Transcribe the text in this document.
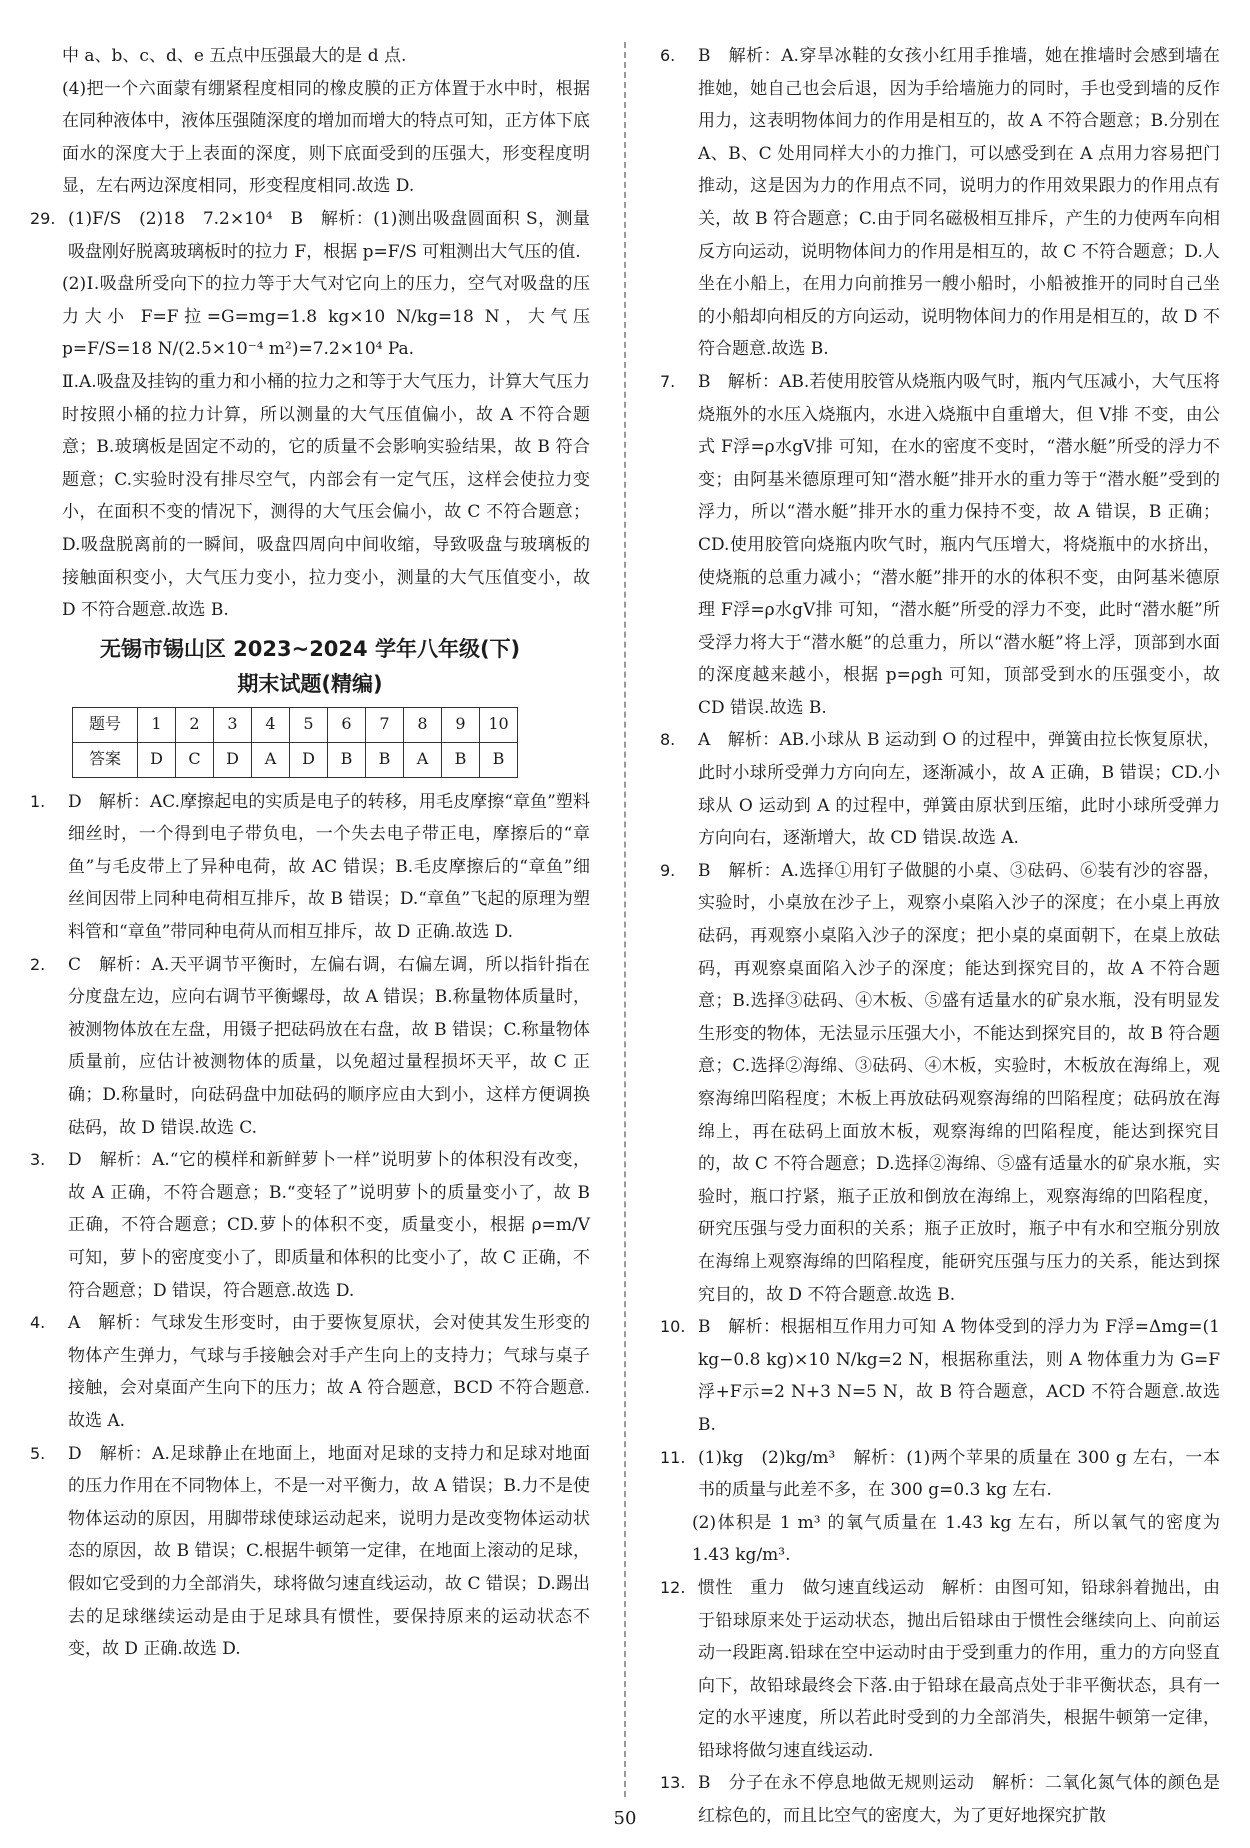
中 a、b、c、d、e 五点中压强最大的是 d 点.
(4)把一个六面蒙有绷紧程度相同的橡皮膜的正方体置于水中时，根据在同种液体中，液体压强随深度的增加而增大的特点可知，正方体下底面水的深度大于上表面的深度，则下底面受到的压强大，形变程度明显，左右两边深度相同，形变程度相同.故选 D.
29. (1)F/S　(2)18　7.2×10⁴　B　解析：(1)测出吸盘圆面积 S，测量吸盘刚好脱离玻璃板时的拉力 F，根据 p=F/S 可粗测出大气压的值.
(2)Ⅰ.吸盘所受向下的拉力等于大气对它向上的压力，空气对吸盘的压力大小 F=F拉=G=mg=1.8 kg×10 N/kg=18 N，大气压 p=F/S=18 N/(2.5×10⁻⁴ m²)=7.2×10⁴ Pa.
Ⅱ.A.吸盘及挂钩的重力和小桶的拉力之和等于大气压力，计算大气压力时按照小桶的拉力计算，所以测量的大气压值偏小，故 A 不符合题意；B.玻璃板是固定不动的，它的质量不会影响实验结果，故 B 符合题意；C.实验时没有排尽空气，内部会有一定气压，这样会使拉力变小，在面积不变的情况下，测得的大气压会偏小，故 C 不符合题意；D.吸盘脱离前的一瞬间，吸盘四周向中间收缩，导致吸盘与玻璃板的接触面积变小，大气压力变小，拉力变小，测量的大气压值变小，故 D 不符合题意.故选 B.
无锡市锡山区 2023~2024 学年八年级(下)
期末试题(精编)
题号	1	2	3	4	5	6	7	8	9	10
答案	D	C	D	A	D	B	B	A	B	B
1.	D　解析：AC.摩擦起电的实质是电子的转移，用毛皮摩擦“章鱼”塑料细丝时，一个得到电子带负电，一个失去电子带正电，摩擦后的“章鱼”与毛皮带上了异种电荷，故 AC 错误；B.毛皮摩擦后的“章鱼”细丝间因带上同种电荷相互排斥，故 B 错误；D.“章鱼”飞起的原理为塑料管和“章鱼”带同种电荷从而相互排斥，故 D 正确.故选 D.
2.	C　解析：A.天平调节平衡时，左偏右调，右偏左调，所以指针指在分度盘左边，应向右调节平衡螺母，故 A 错误；B.称量物体质量时，被测物体放在左盘，用镊子把砝码放在右盘，故 B 错误；C.称量物体质量前，应估计被测物体的质量，以免超过量程损坏天平，故 C 正确；D.称量时，向砝码盘中加砝码的顺序应由大到小，这样方便调换砝码，故 D 错误.故选 C.
3.	D　解析：A.“它的模样和新鲜萝卜一样”说明萝卜的体积没有改变，故 A 正确，不符合题意；B.“变轻了”说明萝卜的质量变小了，故 B 正确，不符合题意；CD.萝卜的体积不变，质量变小，根据 ρ=m/V 可知，萝卜的密度变小了，即质量和体积的比变小了，故 C 正确，不符合题意；D 错误，符合题意.故选 D.
4.	A　解析：气球发生形变时，由于要恢复原状，会对使其发生形变的物体产生弹力，气球与手接触会对手产生向上的支持力；气球与桌子接触，会对桌面产生向下的压力；故 A 符合题意，BCD 不符合题意.故选 A.
5.	D　解析：A.足球静止在地面上，地面对足球的支持力和足球对地面的压力作用在不同物体上，不是一对平衡力，故 A 错误；B.力不是使物体运动的原因，用脚带球使球运动起来，说明力是改变物体运动状态的原因，故 B 错误；C.根据牛顿第一定律，在地面上滚动的足球，假如它受到的力全部消失，球将做匀速直线运动，故 C 错误；D.踢出去的足球继续运动是由于足球具有惯性，要保持原来的运动状态不变，故 D 正确.故选 D.
6.	B　解析：A.穿旱冰鞋的女孩小红用手推墙，她在推墙时会感到墙在推她，她自己也会后退，因为手给墙施力的同时，手也受到墙的反作用力，这表明物体间力的作用是相互的，故 A 不符合题意；B.分别在 A、B、C 处用同样大小的力推门，可以感受到在 A 点用力容易把门推动，这是因为力的作用点不同，说明力的作用效果跟力的作用点有关，故 B 符合题意；C.由于同名磁极相互排斥，产生的力使两车向相反方向运动，说明物体间力的作用是相互的，故 C 不符合题意；D.人坐在小船上，在用力向前推另一艘小船时，小船被推开的同时自己坐的小船却向相反的方向运动，说明物体间力的作用是相互的，故 D 不符合题意.故选 B.
7.	B　解析：AB.若使用胶管从烧瓶内吸气时，瓶内气压减小，大气压将烧瓶外的水压入烧瓶内，水进入烧瓶中自重增大，但 V排 不变，由公式 F浮=ρ水gV排 可知，在水的密度不变时，“潜水艇”所受的浮力不变；由阿基米德原理可知“潜水艇”排开水的重力等于“潜水艇”受到的浮力，所以“潜水艇”排开水的重力保持不变，故 A 错误，B 正确；CD.使用胶管向烧瓶内吹气时，瓶内气压增大，将烧瓶中的水挤出，使烧瓶的总重力减小；“潜水艇”排开的水的体积不变，由阿基米德原理 F浮=ρ水gV排 可知，“潜水艇”所受的浮力不变，此时“潜水艇”所受浮力将大于“潜水艇”的总重力，所以“潜水艇”将上浮，顶部到水面的深度越来越小，根据 p=ρgh 可知，顶部受到水的压强变小，故 CD 错误.故选 B.
8.	A　解析：AB.小球从 B 运动到 O 的过程中，弹簧由拉长恢复原状，此时小球所受弹力方向向左，逐渐减小，故 A 正确，B 错误；CD.小球从 O 运动到 A 的过程中，弹簧由原状到压缩，此时小球所受弹力方向向右，逐渐增大，故 CD 错误.故选 A.
9.	B　解析：A.选择①用钉子做腿的小桌、③砝码、⑥装有沙的容器，实验时，小桌放在沙子上，观察小桌陷入沙子的深度；在小桌上再放砝码，再观察小桌陷入沙子的深度；把小桌的桌面朝下，在桌上放砝码，再观察桌面陷入沙子的深度；能达到探究目的，故 A 不符合题意；B.选择③砝码、④木板、⑤盛有适量水的矿泉水瓶，没有明显发生形变的物体，无法显示压强大小，不能达到探究目的，故 B 符合题意；C.选择②海绵、③砝码、④木板，实验时，木板放在海绵上，观察海绵凹陷程度；木板上再放砝码观察海绵的凹陷程度；砝码放在海绵上，再在砝码上面放木板，观察海绵的凹陷程度，能达到探究目的，故 C 不符合题意；D.选择②海绵、⑤盛有适量水的矿泉水瓶，实验时，瓶口拧紧，瓶子正放和倒放在海绵上，观察海绵的凹陷程度，研究压强与受力面积的关系；瓶子正放时，瓶子中有水和空瓶分别放在海绵上观察海绵的凹陷程度，能研究压强与压力的关系，能达到探究目的，故 D 不符合题意.故选 B.
10. B　解析：根据相互作用力可知 A 物体受到的浮力为 F浮=Δmg=(1 kg−0.8 kg)×10 N/kg=2 N，根据称重法，则 A 物体重力为 G=F浮+F示=2 N+3 N=5 N，故 B 符合题意，ACD 不符合题意.故选 B.
11. (1)kg　(2)kg/m³　解析：(1)两个苹果的质量在 300 g 左右，一本书的质量与此差不多，在 300 g=0.3 kg 左右.
(2)体积是 1 m³ 的氧气质量在 1.43 kg 左右，所以氧气的密度为 1.43 kg/m³.
12. 惯性　重力　做匀速直线运动　解析：由图可知，铅球斜着抛出，由于铅球原来处于运动状态，抛出后铅球由于惯性会继续向上、向前运动一段距离.铅球在空中运动时由于受到重力的作用，重力的方向竖直向下，故铅球最终会下落.由于铅球在最高点处于非平衡状态，具有一定的水平速度，所以若此时受到的力全部消失，根据牛顿第一定律，铅球将做匀速直线运动.
13. B　分子在永不停息地做无规则运动　解析：二氧化氮气体的颜色是红棕色的，而且比空气的密度大，为了更好地探究扩散
50
